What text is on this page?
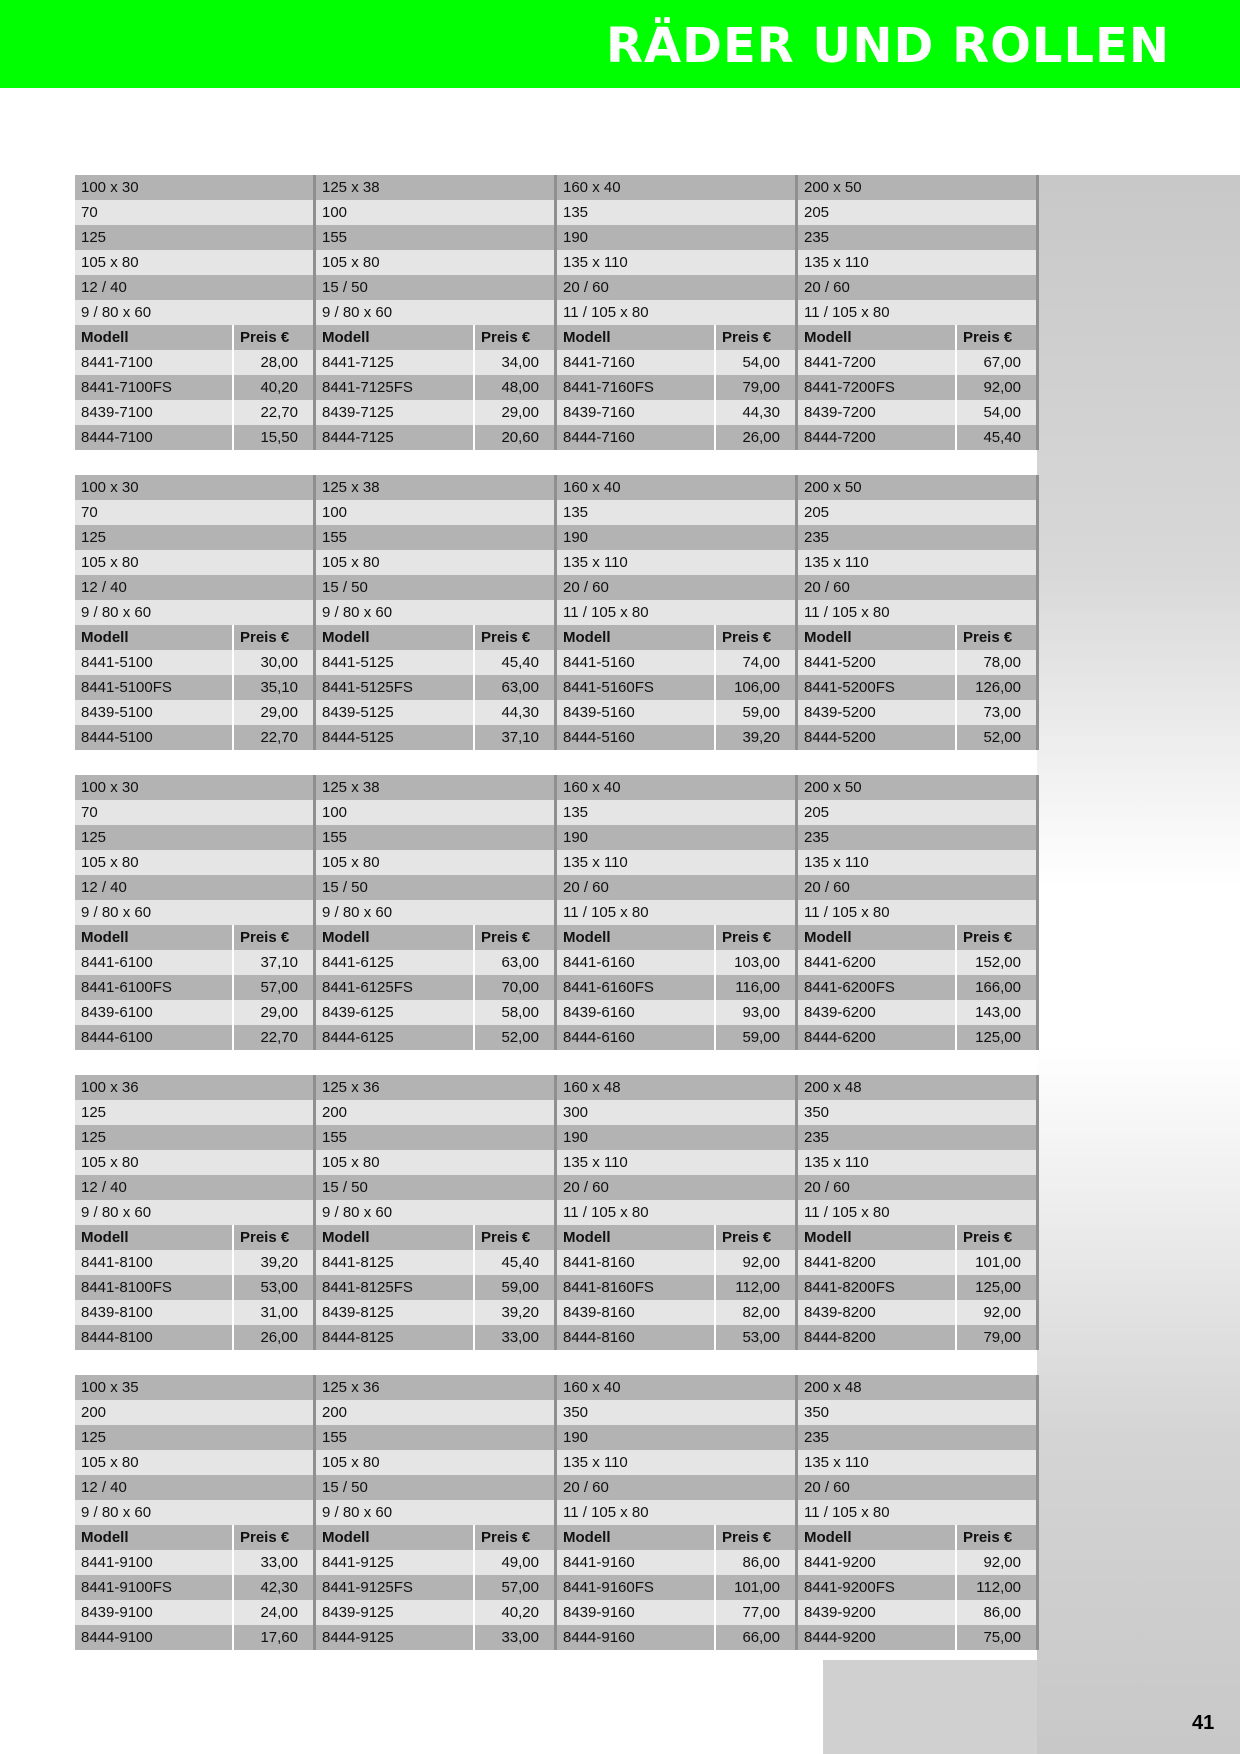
RÄDER UND ROLLEN
41
100 x 30	125 x 38	160 x 40	200 x 50
70	100	135	205
125	155	190	235
105 x 80	105 x 80	135 x 110	135 x 110
12 / 40	15 / 50	20 / 60	20 / 60
9 / 80 x 60	9 / 80 x 60	11 / 105 x 80	11 / 105 x 80
Modell	Preis €	Modell	Preis €	Modell	Preis €	Modell	Preis €
8441-7100	28,00	8441-7125	34,00	8441-7160	54,00	8441-7200	67,00
8441-7100FS	40,20	8441-7125FS	48,00	8441-7160FS	79,00	8441-7200FS	92,00
8439-7100	22,70	8439-7125	29,00	8439-7160	44,30	8439-7200	54,00
8444-7100	15,50	8444-7125	20,60	8444-7160	26,00	8444-7200	45,40
100 x 30	125 x 38	160 x 40	200 x 50
70	100	135	205
125	155	190	235
105 x 80	105 x 80	135 x 110	135 x 110
12 / 40	15 / 50	20 / 60	20 / 60
9 / 80 x 60	9 / 80 x 60	11 / 105 x 80	11 / 105 x 80
Modell	Preis €	Modell	Preis €	Modell	Preis €	Modell	Preis €
8441-5100	30,00	8441-5125	45,40	8441-5160	74,00	8441-5200	78,00
8441-5100FS	35,10	8441-5125FS	63,00	8441-5160FS	106,00	8441-5200FS	126,00
8439-5100	29,00	8439-5125	44,30	8439-5160	59,00	8439-5200	73,00
8444-5100	22,70	8444-5125	37,10	8444-5160	39,20	8444-5200	52,00
100 x 30	125 x 38	160 x 40	200 x 50
70	100	135	205
125	155	190	235
105 x 80	105 x 80	135 x 110	135 x 110
12 / 40	15 / 50	20 / 60	20 / 60
9 / 80 x 60	9 / 80 x 60	11 / 105 x 80	11 / 105 x 80
Modell	Preis €	Modell	Preis €	Modell	Preis €	Modell	Preis €
8441-6100	37,10	8441-6125	63,00	8441-6160	103,00	8441-6200	152,00
8441-6100FS	57,00	8441-6125FS	70,00	8441-6160FS	116,00	8441-6200FS	166,00
8439-6100	29,00	8439-6125	58,00	8439-6160	93,00	8439-6200	143,00
8444-6100	22,70	8444-6125	52,00	8444-6160	59,00	8444-6200	125,00
100 x 36	125 x 36	160 x 48	200 x 48
125	200	300	350
125	155	190	235
105 x 80	105 x 80	135 x 110	135 x 110
12 / 40	15 / 50	20 / 60	20 / 60
9 / 80 x 60	9 / 80 x 60	11 / 105 x 80	11 / 105 x 80
Modell	Preis €	Modell	Preis €	Modell	Preis €	Modell	Preis €
8441-8100	39,20	8441-8125	45,40	8441-8160	92,00	8441-8200	101,00
8441-8100FS	53,00	8441-8125FS	59,00	8441-8160FS	112,00	8441-8200FS	125,00
8439-8100	31,00	8439-8125	39,20	8439-8160	82,00	8439-8200	92,00
8444-8100	26,00	8444-8125	33,00	8444-8160	53,00	8444-8200	79,00
100 x 35	125 x 36	160 x 40	200 x 48
200	200	350	350
125	155	190	235
105 x 80	105 x 80	135 x 110	135 x 110
12 / 40	15 / 50	20 / 60	20 / 60
9 / 80 x 60	9 / 80 x 60	11 / 105 x 80	11 / 105 x 80
Modell	Preis €	Modell	Preis €	Modell	Preis €	Modell	Preis €
8441-9100	33,00	8441-9125	49,00	8441-9160	86,00	8441-9200	92,00
8441-9100FS	42,30	8441-9125FS	57,00	8441-9160FS	101,00	8441-9200FS	112,00
8439-9100	24,00	8439-9125	40,20	8439-9160	77,00	8439-9200	86,00
8444-9100	17,60	8444-9125	33,00	8444-9160	66,00	8444-9200	75,00
